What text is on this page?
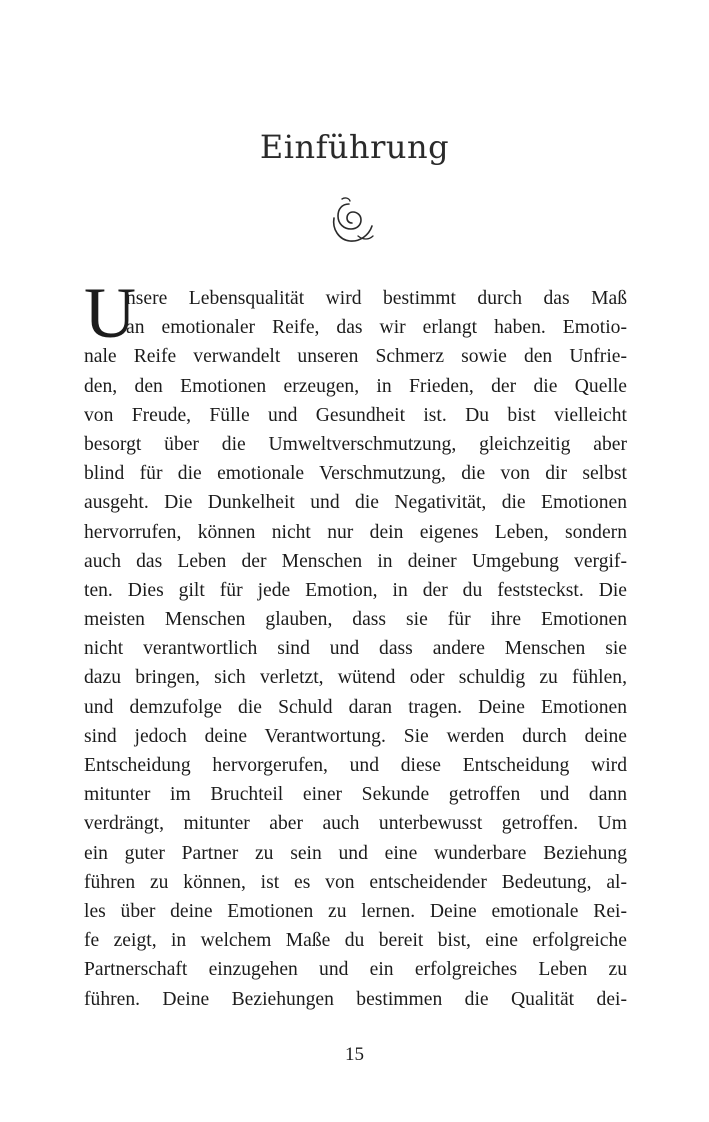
Einführung
U
nsere Lebensqualität wird bestimmt durch das Maß
an emotionaler Reife, das wir erlangt haben. Emotio-
nale Reife verwandelt unseren Schmerz sowie den Unfrie-
den, den Emotionen erzeugen, in Frieden, der die Quelle
von Freude, Fülle und Gesundheit ist. Du bist vielleicht
besorgt über die Umweltverschmutzung, gleichzeitig aber
blind für die emotionale Verschmutzung, die von dir selbst
ausgeht. Die Dunkelheit und die Negativität, die Emotionen
hervorrufen, können nicht nur dein eigenes Leben, sondern
auch das Leben der Menschen in deiner Umgebung vergif-
ten. Dies gilt für jede Emotion, in der du feststeckst. Die
meisten Menschen glauben, dass sie für ihre Emotionen
nicht verantwortlich sind und dass andere Menschen sie
dazu bringen, sich verletzt, wütend oder schuldig zu fühlen,
und demzufolge die Schuld daran tragen. Deine Emotionen
sind jedoch deine Verantwortung. Sie werden durch deine
Entscheidung hervorgerufen, und diese Entscheidung wird
mitunter im Bruchteil einer Sekunde getroffen und dann
verdrängt, mitunter aber auch unterbewusst getroffen. Um
ein guter Partner zu sein und eine wunderbare Beziehung
führen zu können, ist es von entscheidender Bedeutung, al-
les über deine Emotionen zu lernen. Deine emotionale Rei-
fe zeigt, in welchem Maße du bereit bist, eine erfolgreiche
Partnerschaft einzugehen und ein erfolgreiches Leben zu
führen. Deine Beziehungen bestimmen die Qualität dei-
15
